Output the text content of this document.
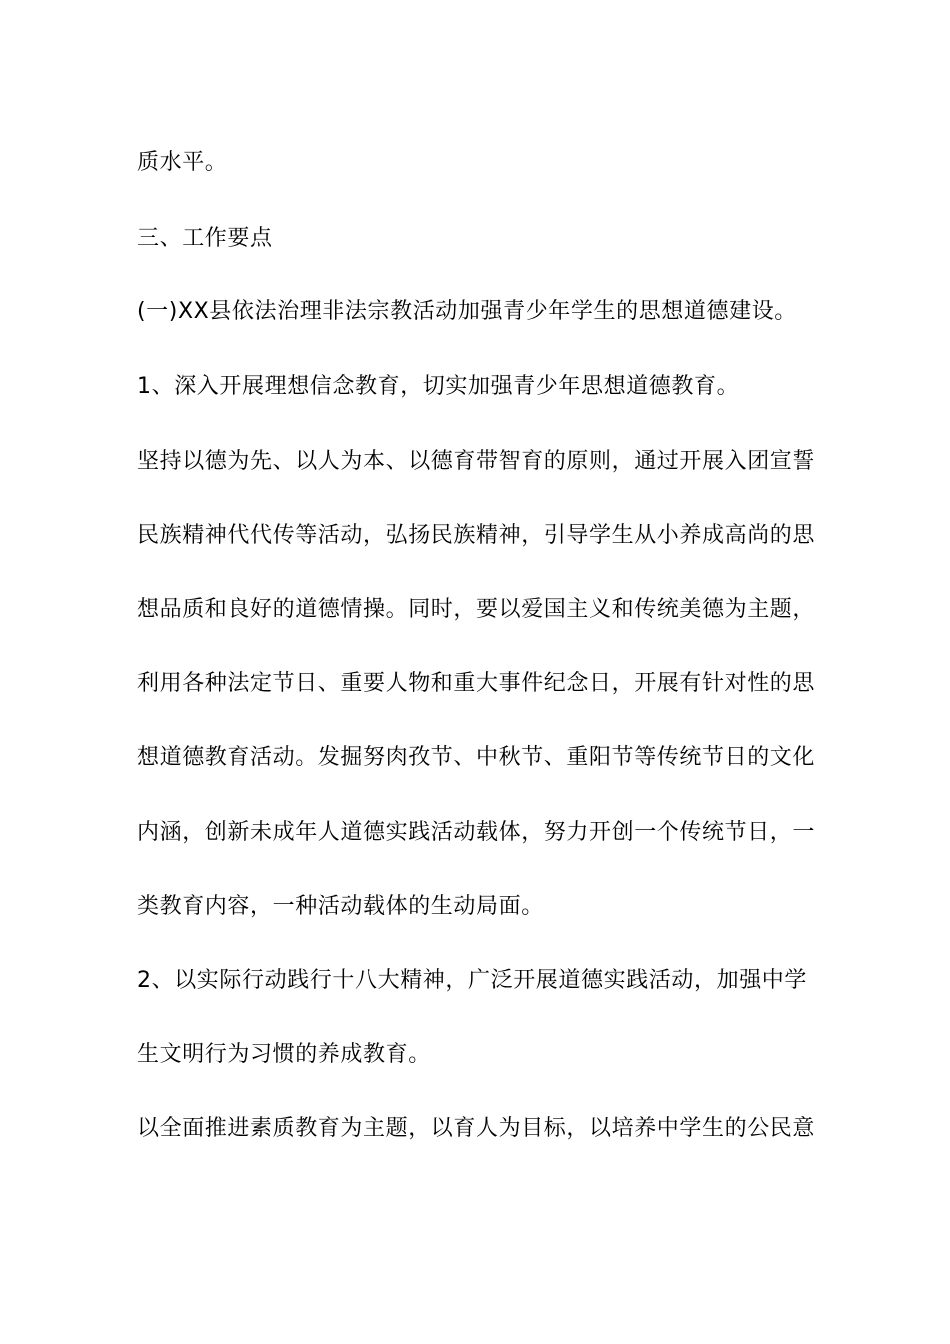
质水平。
三、工作要点
(一)XX县依法治理非法宗教活动加强青少年学生的思想道德建设。
1、深入开展理想信念教育，切实加强青少年思想道德教育。
坚持以德为先、以人为本、以德育带智育的原则，通过开展入团宣誓
民族精神代代传等活动，弘扬民族精神，引导学生从小养成高尚的思
想品质和良好的道德情操。同时，要以爱国主义和传统美德为主题，
利用各种法定节日、重要人物和重大事件纪念日，开展有针对性的思
想道德教育活动。发掘努肉孜节、中秋节、重阳节等传统节日的文化
内涵，创新未成年人道德实践活动载体，努力开创一个传统节日，一
类教育内容，一种活动载体的生动局面。
2、以实际行动践行十八大精神，广泛开展道德实践活动，加强中学
生文明行为习惯的养成教育。
以全面推进素质教育为主题，以育人为目标，以培养中学生的公民意
